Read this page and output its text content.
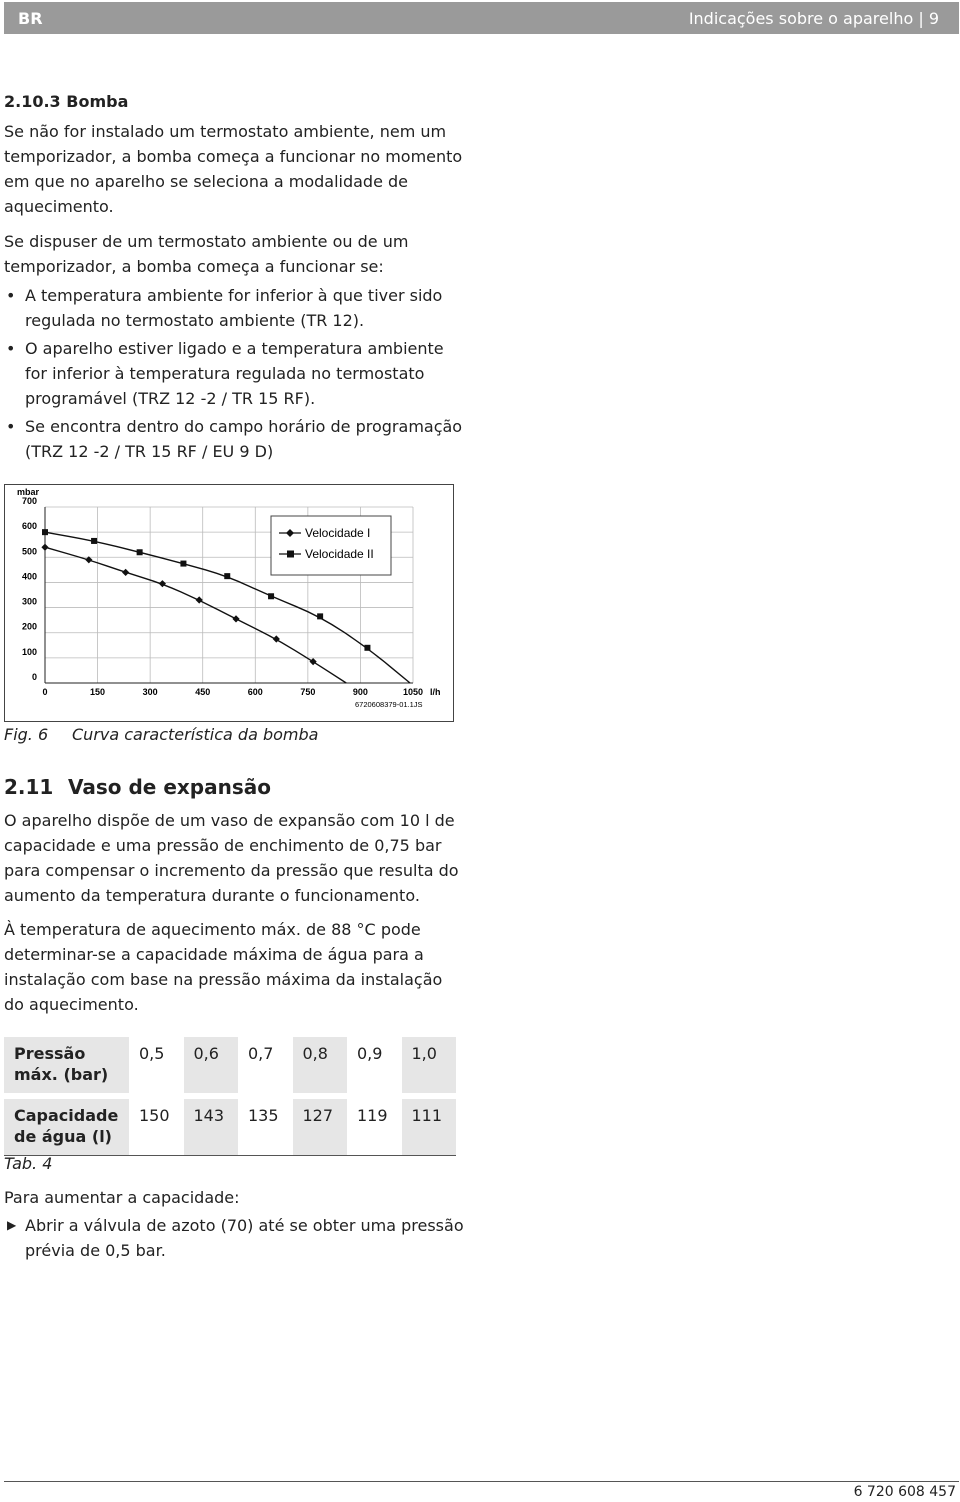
BR	Indicações sobre o aparelho | 9
2.10.3 Bomba

Se não for instalado um termostato ambiente, nem um temporizador, a bomba começa a funcionar no momento em que no aparelho se seleciona a modalidade de aquecimento.

Se dispuser de um termostato ambiente ou de um temporizador, a bomba começa a funcionar se:

• A temperatura ambiente for inferior à que tiver sido regulada no termostato ambiente (TR 12).
• O aparelho estiver ligado e a temperatura ambiente for inferior à temperatura regulada no termostato programável (TRZ 12 -2 / TR 15 RF).
• Se encontra dentro do campo horário de programação (TRZ 12 -2 / TR 15 RF / EU 9 D)
0
100
200
300
400
500
600
700
0	150	300	450	600	750	900	1050
Velocidade I
Velocidade II
mbar
l/h
6720608379-01.1JS
Fig. 6 Curva característica da bomba
2.11 Vaso de expansão

O aparelho dispõe de um vaso de expansão com 10 l de capacidade e uma pressão de enchimento de 0,75 bar para compensar o incremento da pressão que resulta do aumento da temperatura durante o funcionamento.

À temperatura de aquecimento máx. de 88 °C pode determinar-se a capacidade máxima de água para a instalação com base na pressão máxima da instalação do aquecimento.

Pressão máx. (bar)	0,5	0,6	0,7	0,8	0,9	1,0
Capacidade de água (l)	150	143	135	127	119	111
Tab. 4

Para aumentar a capacidade:

▶ Abrir a válvula de azoto (70) até se obter uma pressão prévia de 0,5 bar.
6 720 608 457
